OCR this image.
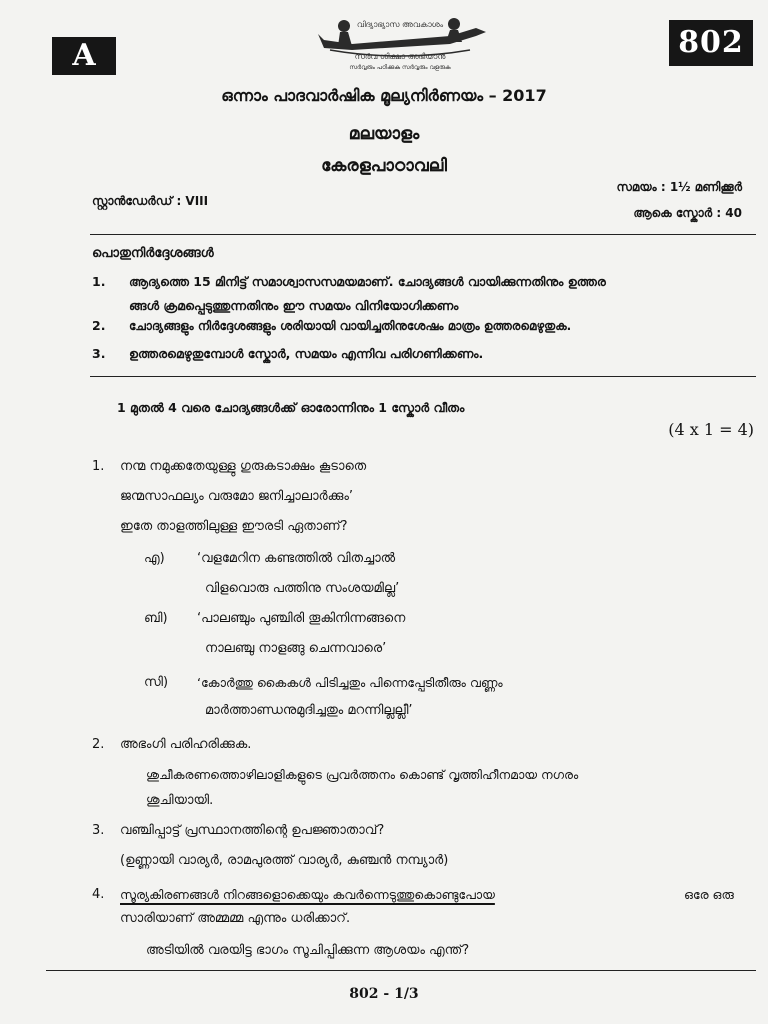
A	802
വിദ്യാഭ്യാസ അവകാശം
സർവ ശിക്ഷാ അഭിയാൻ
സർവ്വരും പഠിക്കുക സർവ്വരും വളരുക
ഒന്നാം പാദവാർഷിക മൂല്യനിർണയം – 2017
മലയാളം
കേരളപാഠാവലി
സ്റ്റാൻഡേർഡ് : VIII
സമയം : 1½ മണിക്കൂർ
ആകെ സ്കോർ : 40
പൊതുനിർദ്ദേശങ്ങൾ
1. ആദ്യത്തെ 15 മിനിട്ട് സമാശ്വാസസമയമാണ്. ചോദ്യങ്ങൾ വായിക്കുന്നതിനും ഉത്തര
ങ്ങൾ ക്രമപ്പെടുത്തുന്നതിനും ഈ സമയം വിനിയോഗിക്കണം
2. ചോദ്യങ്ങളും നിർദ്ദേശങ്ങളും ശരിയായി വായിച്ചതിനുശേഷം മാത്രം ഉത്തരമെഴുതുക.
3. ഉത്തരമെഴുതുമ്പോൾ സ്കോർ, സമയം എന്നിവ പരിഗണിക്കണം.
1 മുതൽ 4 വരെ ചോദ്യങ്ങൾക്ക് ഓരോന്നിനും 1 സ്കോർ വീതം
(4 x 1 = 4)
1. നന്മ നമുക്കതേയുള്ളു ഗുരുകടാക്ഷം കൂടാതെ
ജന്മസാഫല്യം വരുമോ ജനിച്ചാലാർക്കും’
ഇതേ താളത്തിലുള്ള ഈരടി ഏതാണ്?
എ) ‘വളമേറിന കണ്ടത്തിൽ വിതച്ചാൽ
വിളവൊരു പത്തിനു സംശയമില്ല’
ബി) ‘പാലഞ്ചും പുഞ്ചിരി തൂകിനിന്നങ്ങനെ
നാലഞ്ചു നാളങ്ങു ചെന്നവാരെ’
സി) ‘കോർത്തു കൈകൾ പിടിച്ചതും പിന്നെപ്പേടിതീരും വണ്ണം
മാർത്താണ്ഡനുമുദിച്ചതും മറന്നില്ലല്ലീ’
2. അഭംഗി പരിഹരിക്കുക.
ശുചീകരണത്തൊഴിലാളികളുടെ പ്രവർത്തനം കൊണ്ട് വൃത്തിഹീനമായ നഗരം
ശുചിയായി.
3. വഞ്ചിപ്പാട്ട് പ്രസ്ഥാനത്തിന്റെ ഉപജ്ഞാതാവ്?
(ഉണ്ണായി വാര്യർ, രാമപുരത്ത് വാര്യർ, കുഞ്ചൻ നമ്പ്യാർ)
4. സൂര്യകിരണങ്ങൾ നിറങ്ങളൊക്കെയും കവർന്നെടുത്തുകൊണ്ടുപോയ	ഒരേ ഒരു
സാരിയാണ് അമ്മമ്മ എന്നും ധരിക്കാറ്.
അടിയിൽ വരയിട്ട ഭാഗം സൂചിപ്പിക്കുന്ന ആശയം എന്ത്?
802 - 1/3
